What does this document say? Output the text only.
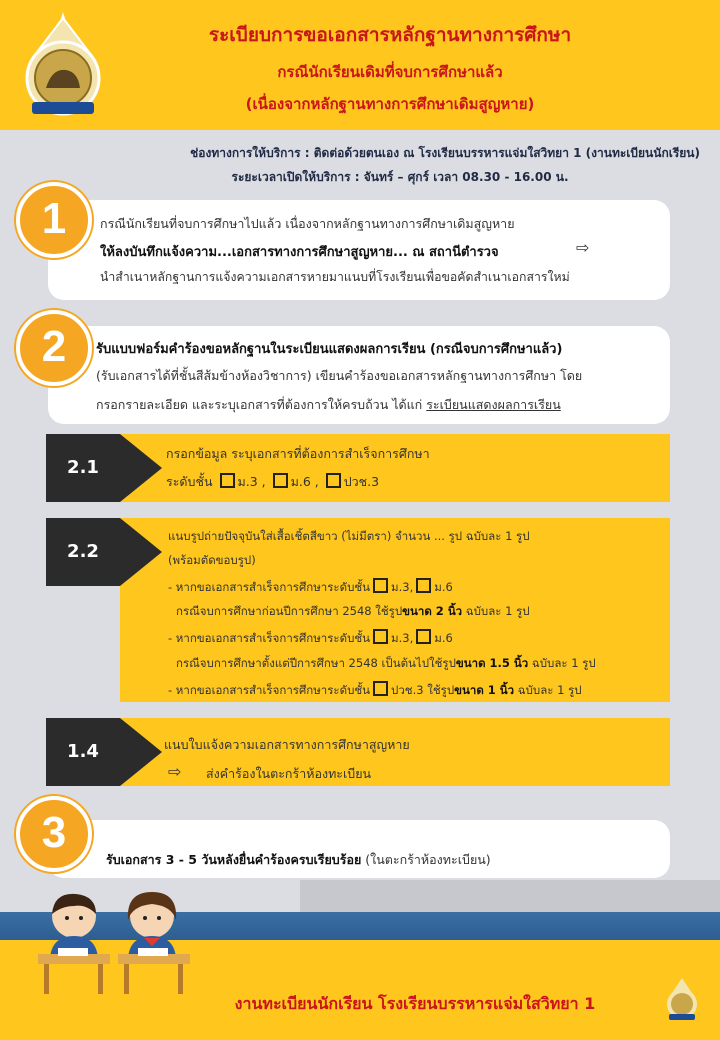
ระเบียบการขอเอกสารหลักฐานทางการศึกษา
กรณีนักเรียนเดิมที่จบการศึกษาแล้ว
(เนื่องจากหลักฐานทางการศึกษาเดิมสูญหาย)
ช่องทางการให้บริการ : ติดต่อด้วยตนเอง ณ โรงเรียนบรรหารแจ่มใสวิทยา 1 (งานทะเบียนนักเรียน)
ระยะเวลาเปิดให้บริการ : จันทร์ – ศุกร์ เวลา 08.30 - 16.00 น.
1	กรณีนักเรียนที่จบการศึกษาไปแล้ว เนื่องจากหลักฐานทางการศึกษาเดิมสูญหาย
ให้ลงบันทึกแจ้งความ...เอกสารทางการศึกษาสูญหาย... ณ สถานีตำรวจ	⇨
นำสำเนาหลักฐานการแจ้งความเอกสารหายมาแนบที่โรงเรียนเพื่อขอคัดสำเนาเอกสารใหม่
2	รับแบบฟอร์มคำร้องขอหลักฐานในระเบียนแสดงผลการเรียน (กรณีจบการศึกษาแล้ว)
(รับเอกสารได้ที่ชั้นสีส้มข้างห้องวิชาการ) เขียนคำร้องขอเอกสารหลักฐานทางการศึกษา โดย
กรอกรายละเอียด และระบุเอกสารที่ต้องการให้ครบถ้วน ได้แก่ ระเบียนแสดงผลการเรียน
2.1
กรอกข้อมูล ระบุเอกสารที่ต้องการสำเร็จการศึกษา
ระดับชั้น ม.3 , ม.6 , ปวช.3
2.2
แนบรูปถ่ายปัจจุบันใส่เสื้อเชิ้ตสีขาว (ไม่มีตรา) จำนวน ... รูป ฉบับละ 1 รูป
(พร้อมตัดขอบรูป)
- หากขอเอกสารสำเร็จการศึกษาระดับชั้น ม.3, ม.6
กรณีจบการศึกษาก่อนปีการศึกษา 2548 ใช้รูปขนาด 2 นิ้ว ฉบับละ 1 รูป
- หากขอเอกสารสำเร็จการศึกษาระดับชั้น ม.3, ม.6
กรณีจบการศึกษาตั้งแต่ปีการศึกษา 2548 เป็นต้นไปใช้รูปขนาด 1.5 นิ้ว ฉบับละ 1 รูป
- หากขอเอกสารสำเร็จการศึกษาระดับชั้น ปวช.3 ใช้รูปขนาด 1 นิ้ว ฉบับละ 1 รูป
1.4	แนบใบแจ้งความเอกสารทางการศึกษาสูญหาย
⇨ ส่งคำร้องในตะกร้าห้องทะเบียน
3
รับเอกสาร 3 - 5 วันหลังยื่นคำร้องครบเรียบร้อย (ในตะกร้าห้องทะเบียน)
งานทะเบียนนักเรียน โรงเรียนบรรหารแจ่มใสวิทยา 1
